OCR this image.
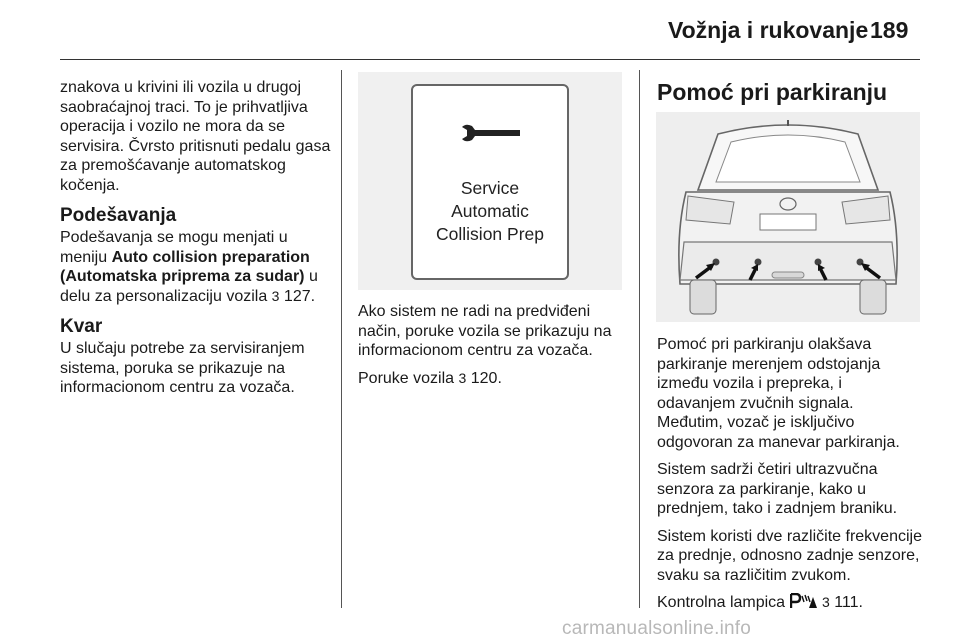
Vožnja i rukovanje 189

znakova u krivini ili vozila u drugoj saobraćajnoj traci. To je prihvatljiva operacija i vozilo ne mora da se servisira. Čvrsto pritisnuti pedalu gasa za premošćavanje automatskog kočenja.

Podešavanja

Podešavanja se mogu menjati u meniju Auto collision preparation (Automatska priprema za sudar) u delu za personalizaciju vozila 3 127.

Kvar

U slučaju potrebe za servisiranjem sistema, poruka se prikazuje na informacionom centru za vozača.

Service
Automatic
Collision Prep

Ako sistem ne radi na predviđeni način, poruke vozila se prikazuju na informacionom centru za vozača.

Poruke vozila 3 120.

Pomoć pri parkiranju

Pomoć pri parkiranju olakšava parkiranje merenjem odstojanja između vozila i prepreka, i odavanjem zvučnih signala. Međutim, vozač je isključivo odgovoran za manevar parkiranja.

Sistem sadrži četiri ultrazvučna senzora za parkiranje, kako u prednjem, tako i zadnjem braniku.

Sistem koristi dve različite frekvencije za prednje, odnosno zadnje senzore, svaku sa različitim zvukom.

Kontrolna lampica  3 111.

carmanualsonline.info
